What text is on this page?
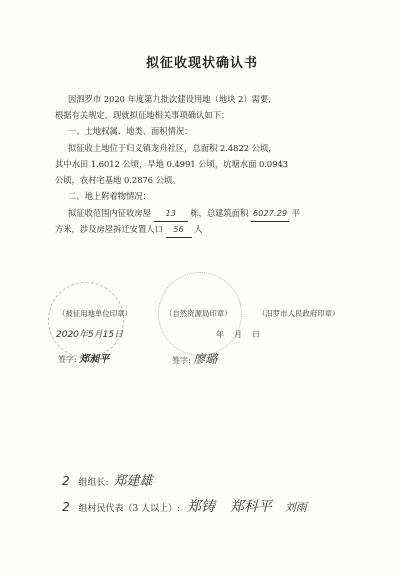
拟征收现状确认书
因泗罗市 2020 年度第九批次建设用地（地块 2）需要,
根据有关规定，现就拟征地相关事项确认如下：
一、土地权属、地类、面积情况：
拟征收土地位于归义镇龙舟社区，总面积 2.4822 公顷，
其中水田 1.6012 公顷，旱地 0.4991 公顷，坑塘水面 0.0943
公顷，农村宅基地 0.2876 公顷。
二、地上附着物情况：
拟征收范围内征收房屋 13 栋，总建筑面积 6027.29 平
方米，涉及房屋拆迁安置人口 56 人
（被征用地单位印章）	（自然资源局印章）	（汨罗市人民政府印章）
2020年5月15日	年 月 日
签字: 郑昶平	签字: 廖璐
2 组组长: 郑建雄
2 组村民代表（3 人以上）: 郑铸 郑科平 刘雨
